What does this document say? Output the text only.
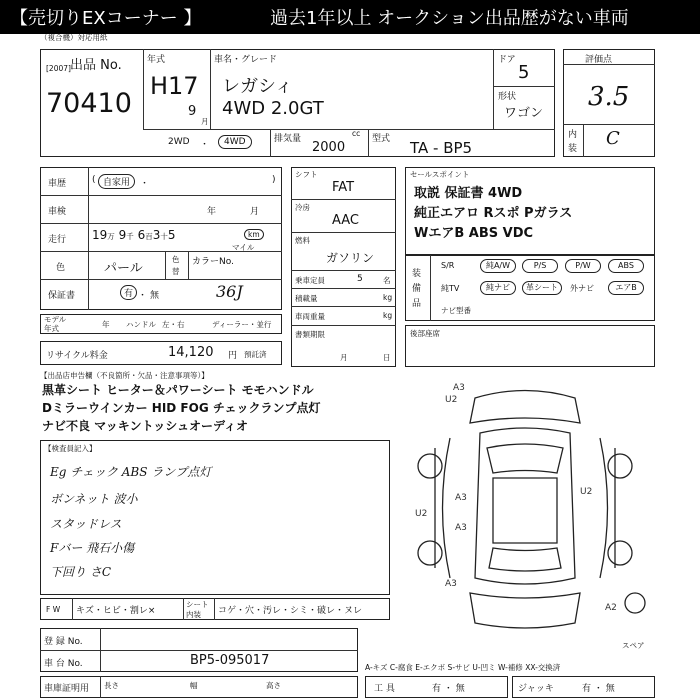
【売切りEXコーナー 】	過去1年以上 オークション出品歴がない車両
（複合機）対応用紙
出品 No.
[2007]
70410
年式
H 17
9
月
車名・グレード
レガシィ
4WD 2.0GT
ドア
5
形状
ワゴン
2WD ・	4WD	排気量
cc
2000
型式 TA - BP5
評価点
3.5
内
装 C
車歴	( 自家用	・	)
車検	年	月
走行 19万 9千 6百3十5	km
マイル
色	パール
色
替
カラーNo.
36J
保証書	有 ・ 無
モデル
年式	年 ハンドル 左・右	ディーラー・並行
リサイクル料金	14,120 円 預託済
シフト
FAT
冷房
AAC
燃料
ガソリン
乗車定員	5	名
積載量	kg
車両重量	kg
書類期限
月	日
セールスポイント
取説 保証書 4WD
純正エアロ Rスポ Pガラス
WエアB ABS VDC
装
備
品
S/R	純A/W	P/S	P/W	ABS
純TV	純ナビ	革シート	外ナビ	エアB
ナビ型番
後部座席
【出品店申告欄（不良箇所・欠品・注意事項等）】
黒革シート ヒーター＆パワーシート モモハンドル
Dミラーウインカー HID FOG チェックランプ点灯
ナビ不良 マッキントッシュオーディオ
【検査員記入】
Eg チェック ABS ランプ点灯
ボンネット 波小
スタッドレス
Fバー 飛石小傷
下回り さC
A3
U2
A3
A3
U2
A3
U2
A2
スペア
F W キズ・ヒビ・割レ×
シート
内装 コゲ・穴・汚レ・シミ・破レ・ヌレ
登 録 No.
車 台 No.	BP5-095017	A-キズ C-腐食 E-エクボ S-サビ U-凹ミ W-補修 XX-交換済
車庫証明用 長さ	幅	高さ	工 具	有 ・ 無	ジャッキ	有 ・ 無
